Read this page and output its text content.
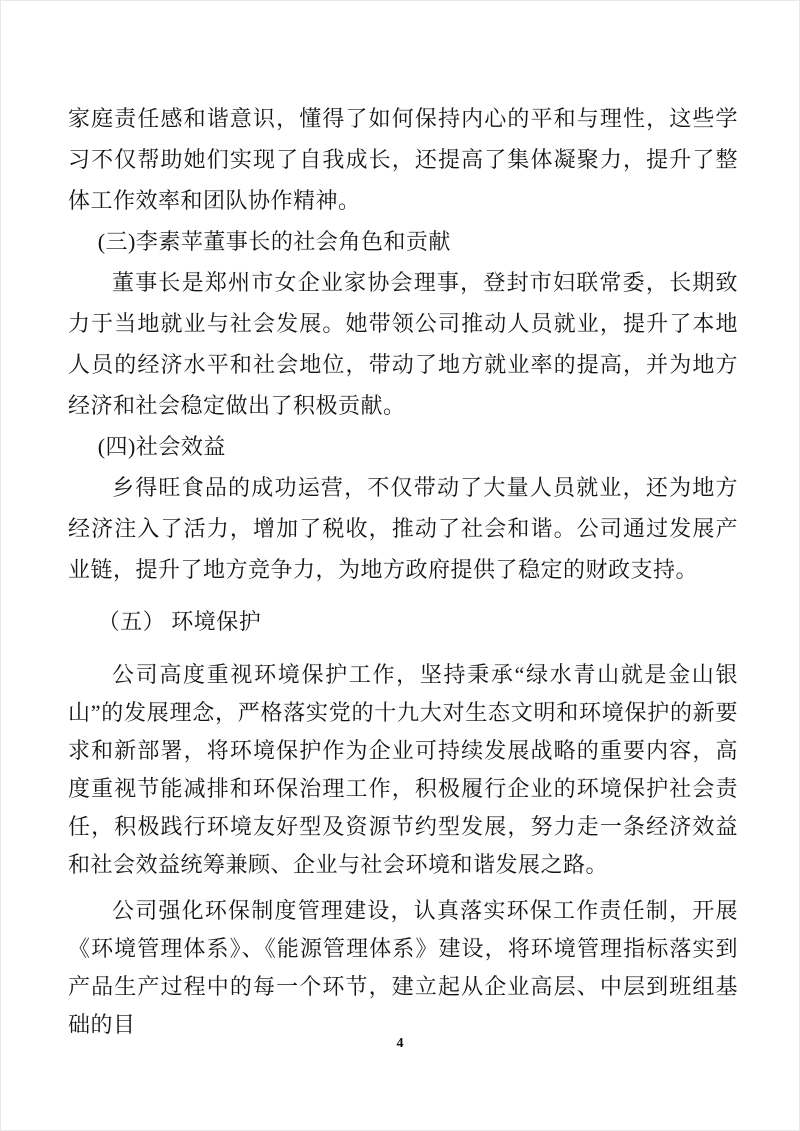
家庭责任感和谐意识，懂得了如何保持内心的平和与理性，这些学习不仅帮助她们实现了自我成长，还提高了集体凝聚力，提升了整体工作效率和团队协作精神。

(三)李素苹董事长的社会角色和贡献

董事长是郑州市女企业家协会理事，登封市妇联常委，长期致力于当地就业与社会发展。她带领公司推动人员就业，提升了本地人员的经济水平和社会地位，带动了地方就业率的提高，并为地方经济和社会稳定做出了积极贡献。

(四)社会效益

乡得旺食品的成功运营，不仅带动了大量人员就业，还为地方经济注入了活力，增加了税收，推动了社会和谐。公司通过发展产业链，提升了地方竞争力，为地方政府提供了稳定的财政支持。

（五） 环境保护

公司高度重视环境保护工作，坚持秉承“绿水青山就是金山银山”的发展理念，严格落实党的十九大对生态文明和环境保护的新要求和新部署，将环境保护作为企业可持续发展战略的重要内容，高度重视节能减排和环保治理工作，积极履行企业的环境保护社会责任，积极践行环境友好型及资源节约型发展，努力走一条经济效益和社会效益统筹兼顾、企业与社会环境和谐发展之路。

公司强化环保制度管理建设，认真落实环保工作责任制，开展《环境管理体系》、《能源管理体系》建设，将环境管理指标落实到产品生产过程中的每一个环节，建立起从企业高层、中层到班组基础的目

4
